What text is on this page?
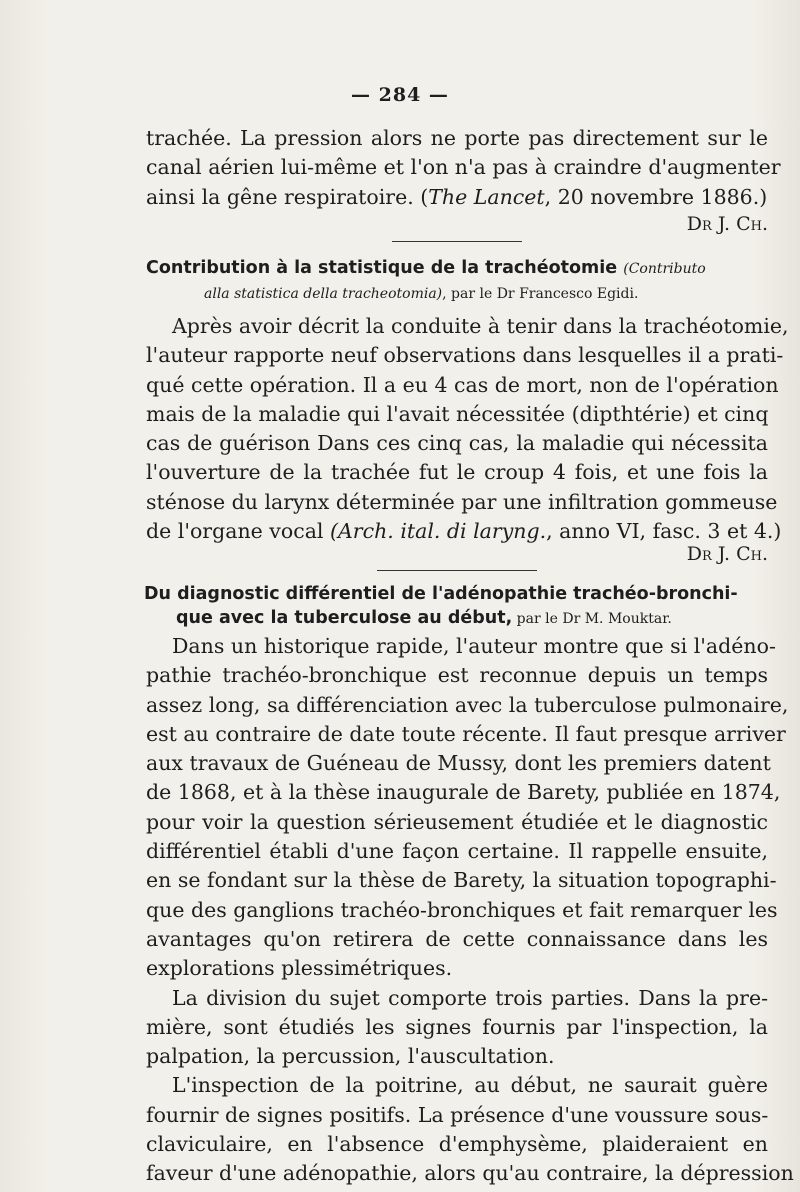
— 284 —
trachée. La pression alors ne porte pas directement sur le
canal aérien lui-même et l'on n'a pas à craindre d'augmenter
ainsi la gêne respiratoire. (The Lancet, 20 novembre 1886.)
Dr J. Ch.
Contribution à la statistique de la trachéotomie (Contributo
alla statistica della tracheotomia), par le Dr Francesco Egidi.
Après avoir décrit la conduite à tenir dans la trachéotomie,
l'auteur rapporte neuf observations dans lesquelles il a prati-
qué cette opération. Il a eu 4 cas de mort, non de l'opération
mais de la maladie qui l'avait nécessitée (dipthtérie) et cinq
cas de guérison Dans ces cinq cas, la maladie qui nécessita
l'ouverture de la trachée fut le croup 4 fois, et une fois la
sténose du larynx déterminée par une infiltration gommeuse
de l'organe vocal (Arch. ital. di laryng., anno VI, fasc. 3 et 4.)
Dr J. Ch.
Du diagnostic différentiel de l'adénopathie trachéo-bronchi-
que avec la tuberculose au début, par le Dr M. Mouktar.
Dans un historique rapide, l'auteur montre que si l'adéno-
pathie trachéo-bronchique est reconnue depuis un temps
assez long, sa différenciation avec la tuberculose pulmonaire,
est au contraire de date toute récente. Il faut presque arriver
aux travaux de Guéneau de Mussy, dont les premiers datent
de 1868, et à la thèse inaugurale de Barety, publiée en 1874,
pour voir la question sérieusement étudiée et le diagnostic
différentiel établi d'une façon certaine. Il rappelle ensuite,
en se fondant sur la thèse de Barety, la situation topographi-
que des ganglions trachéo-bronchiques et fait remarquer les
avantages qu'on retirera de cette connaissance dans les
explorations plessimétriques.
La division du sujet comporte trois parties. Dans la pre-
mière, sont étudiés les signes fournis par l'inspection, la
palpation, la percussion, l'auscultation.
L'inspection de la poitrine, au début, ne saurait guère
fournir de signes positifs. La présence d'une voussure sous-
claviculaire, en l'absence d'emphysème, plaideraient en
faveur d'une adénopathie, alors qu'au contraire, la dépression
